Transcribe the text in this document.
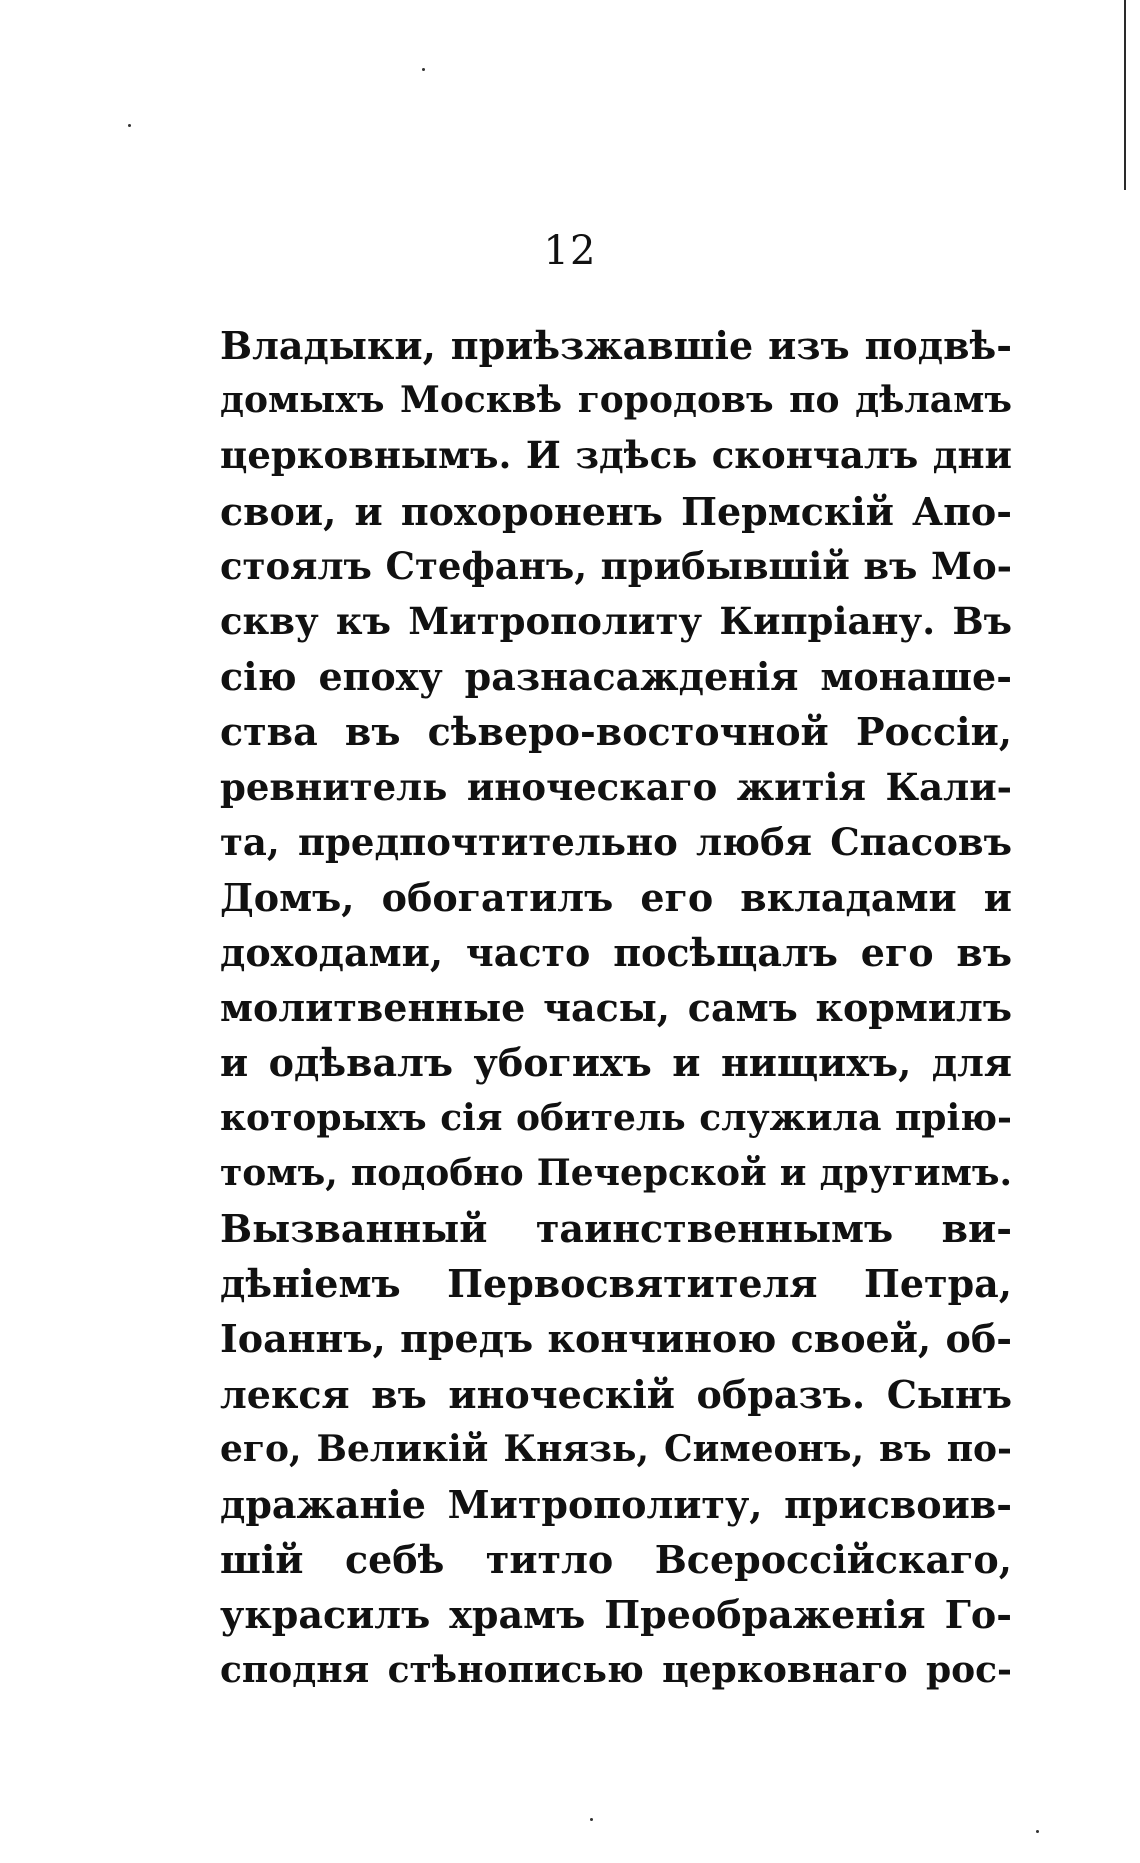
12
Владыки, приѣзжавшіе изъ подвѣ-
домыхъ Москвѣ городовъ по дѣламъ
церковнымъ. И здѣсь скончалъ дни
свои, и похороненъ Пермскій Апо-
стоялъ Стефанъ, прибывшій въ Мо-
скву къ Митрополиту Кипріану. Въ
сію епоху разнасажденія монаше-
ства въ сѣверо-восточной Россіи,
ревнитель иноческаго житія Кали-
та, предпочтительно любя Спасовъ
Домъ, обогатилъ его вкладами и
доходами, часто посѣщалъ его въ
молитвенные часы, самъ кормилъ
и одѣвалъ убогихъ и нищихъ, для
которыхъ сія обитель служила прію-
томъ, подобно Печерской и другимъ.
Вызванный таинственнымъ ви-
дѣніемъ Первосвятителя Петра,
Іоаннъ, предъ кончиною своей, об-
лекся въ иноческій образъ. Сынъ
его, Великій Князь, Симеонъ, въ по-
дражаніе Митрополиту, присвоив-
шій себѣ титло Всероссійскаго,
украсилъ храмъ Преображенія Го-
сподня стѣнописью церковнаго рос-
